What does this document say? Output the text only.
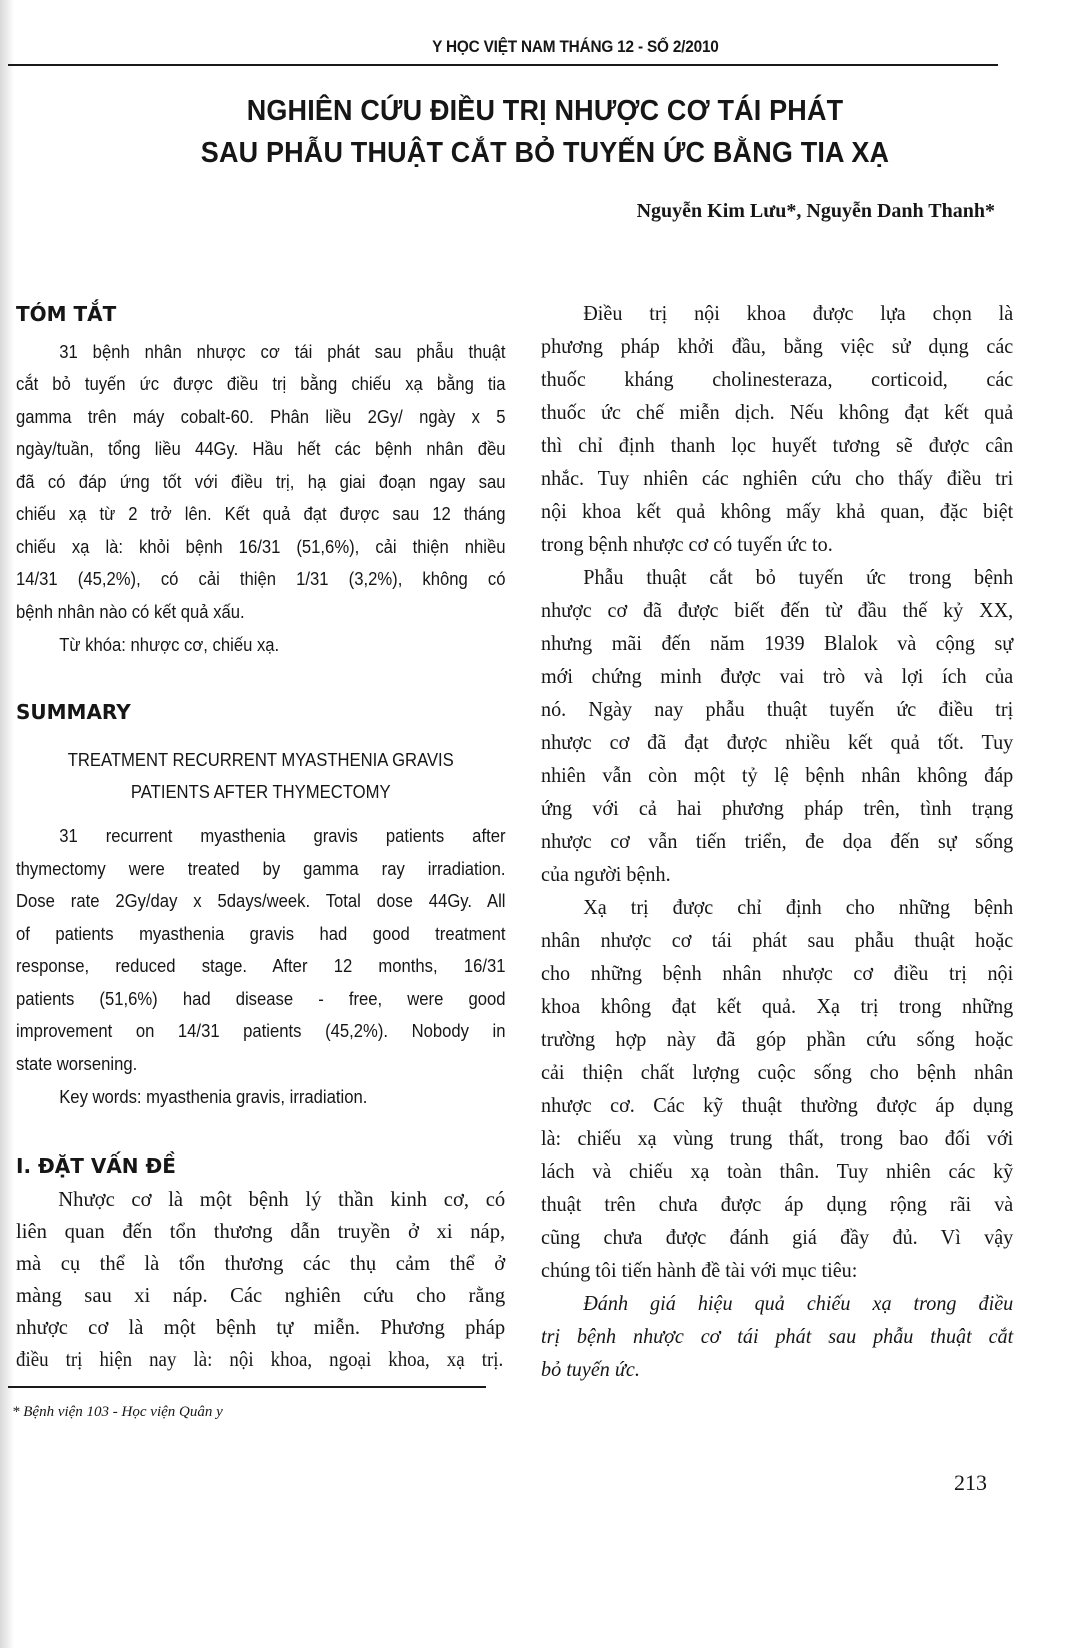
Y HỌC VIỆT NAM THÁNG 12 - SỐ 2/2010
NGHIÊN CỨU ĐIỀU TRỊ NHƯỢC CƠ TÁI PHÁT
SAU PHẪU THUẬT CẮT BỎ TUYẾN ỨC BẰNG TIA XẠ
Nguyễn Kim Lưu*, Nguyễn Danh Thanh*
TÓM TẮT
31 bệnh nhân nhược cơ tái phát sau phẫu thuật
cắt bỏ tuyến ức được điều trị bằng chiếu xạ bằng tia
gamma trên máy cobalt-60. Phân liều 2Gy/ ngày x 5
ngày/tuần, tổng liều 44Gy. Hầu hết các bệnh nhân đều
đã có đáp ứng tốt với điều trị, hạ giai đoạn ngay sau
chiếu xạ từ 2 trở lên. Kết quả đạt được sau 12 tháng
chiếu xạ là: khỏi bệnh 16/31 (51,6%), cải thiện nhiều
14/31 (45,2%), có cải thiện 1/31 (3,2%), không có
bệnh nhân nào có kết quả xấu.
Từ khóa: nhược cơ, chiếu xạ.
SUMMARY
TREATMENT RECURRENT MYASTHENIA GRAVIS
PATIENTS AFTER THYMECTOMY
31 recurrent myasthenia gravis patients after
thymectomy were treated by gamma ray irradiation.
Dose rate 2Gy/day x 5days/week. Total dose 44Gy. All
of patients myasthenia gravis had good treatment
response, reduced stage. After 12 months, 16/31
patients (51,6%) had disease - free, were good
improvement on 14/31 patients (45,2%). Nobody in
state worsening.
Key words: myasthenia gravis, irradiation.
I. ĐẶT VẤN ĐỀ
Nhược cơ là một bệnh lý thần kinh cơ, có
liên quan đến tổn thương dẫn truyền ở xi náp,
mà cụ thể là tổn thương các thụ cảm thể ở
màng sau xi náp. Các nghiên cứu cho rằng
nhược cơ là một bệnh tự miễn. Phương pháp
điều trị hiện nay là: nội khoa, ngoại khoa, xạ trị.
* Bệnh viện 103 - Học viện Quân y
Điều trị nội khoa được lựa chọn là
phương pháp khởi đầu, bằng việc sử dụng các
thuốc kháng cholinesteraza, corticoid, các
thuốc ức chế miễn dịch. Nếu không đạt kết quả
thì chỉ định thanh lọc huyết tương sẽ được cân
nhắc. Tuy nhiên các nghiên cứu cho thấy điều tri
nội khoa kết quả không mấy khả quan, đặc biệt
trong bệnh nhược cơ có tuyến ức to.
Phẫu thuật cắt bỏ tuyến ức trong bệnh
nhược cơ đã được biết đến từ đầu thế kỷ XX,
nhưng mãi đến năm 1939 Blalok và cộng sự
mới chứng minh được vai trò và lợi ích của
nó. Ngày nay phẫu thuật tuyến ức điều trị
nhược cơ đã đạt được nhiều kết quả tốt. Tuy
nhiên vẫn còn một tỷ lệ bệnh nhân không đáp
ứng với cả hai phương pháp trên, tình trạng
nhược cơ vẫn tiến triển, đe dọa đến sự sống
của người bệnh.
Xạ trị được chỉ định cho những bệnh
nhân nhược cơ tái phát sau phẫu thuật hoặc
cho những bệnh nhân nhược cơ điều trị nội
khoa không đạt kết quả. Xạ trị trong những
trường hợp này đã góp phần cứu sống hoặc
cải thiện chất lượng cuộc sống cho bệnh nhân
nhược cơ. Các kỹ thuật thường được áp dụng
là: chiếu xạ vùng trung thất, trong bao đối với
lách và chiếu xạ toàn thân. Tuy nhiên các kỹ
thuật trên chưa được áp dụng rộng rãi và
cũng chưa được đánh giá đầy đủ. Vì vậy
chúng tôi tiến hành đề tài với mục tiêu:
Đánh giá hiệu quả chiếu xạ trong điều
trị bệnh nhược cơ tái phát sau phẫu thuật cắt
bỏ tuyến ức.
213
